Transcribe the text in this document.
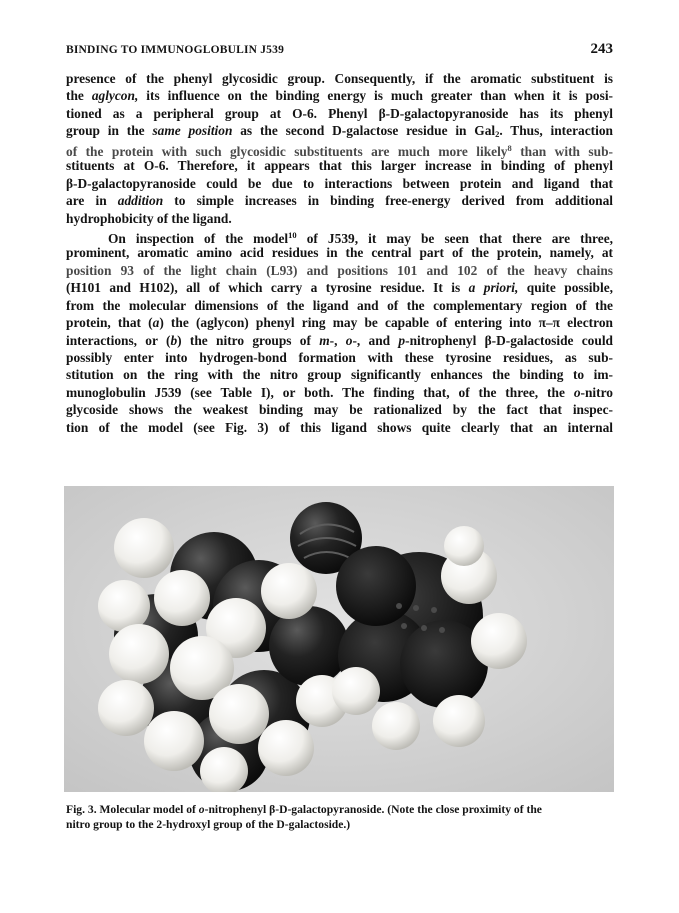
BINDING TO IMMUNOGLOBULIN J539	243
presence of the phenyl glycosidic group. Consequently, if the aromatic substituent is
the aglycon, its influence on the binding energy is much greater than when it is posi-
tioned as a peripheral group at O-6. Phenyl β-D-galactopyranoside has its phenyl
group in the same position as the second D-galactose residue in Gal$_2$. Thus, interaction
of the protein with such glycosidic substituents are much more likely$^8$ than with sub-
stituents at O-6. Therefore, it appears that this larger increase in binding of phenyl
β-D-galactopyranoside could be due to interactions between protein and ligand that
are in addition to simple increases in binding free-energy derived from additional
hydrophobicity of the ligand.
On inspection of the model$^{10}$ of J539, it may be seen that there are three,
prominent, aromatic amino acid residues in the central part of the protein, namely, at
position 93 of the light chain (L93) and positions 101 and 102 of the heavy chains
(H101 and H102), all of which carry a tyrosine residue. It is a priori, quite possible,
from the molecular dimensions of the ligand and of the complementary region of the
protein, that (a) the (aglycon) phenyl ring may be capable of entering into π–π electron
interactions, or (b) the nitro groups of m-, o-, and p-nitrophenyl β-D-galactoside could
possibly enter into hydrogen-bond formation with these tyrosine residues, as sub-
stitution on the ring with the nitro group significantly enhances the binding to im-
munoglobulin J539 (see Table I), or both. The finding that, of the three, the o-nitro
glycoside shows the weakest binding may be rationalized by the fact that inspec-
tion of the model (see Fig. 3) of this ligand shows quite clearly that an internal
Fig. 3. Molecular model of o-nitrophenyl β-D-galactopyranoside. (Note the close proximity of the
nitro group to the 2-hydroxyl group of the D-galactoside.)
